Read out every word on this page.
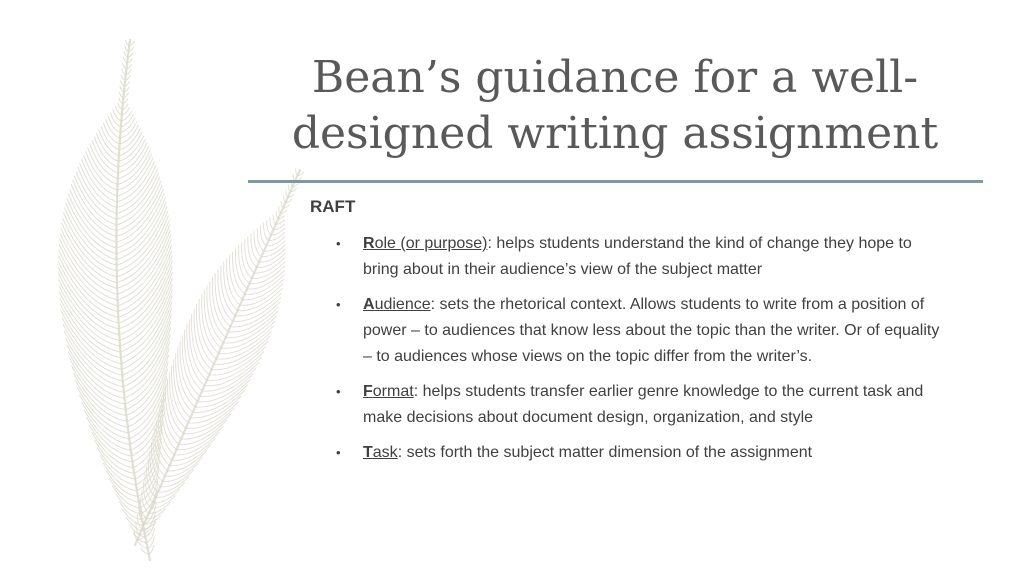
Bean’s guidance for a well-designed writing assignment
RAFT
• Role (or purpose): helps students understand the kind of change they hope to bring about in their audience’s view of the subject matter
• Audience: sets the rhetorical context. Allows students to write from a position of power – to audiences that know less about the topic than the writer. Or of equality – to audiences whose views on the topic differ from the writer’s.
• Format: helps students transfer earlier genre knowledge to the current task and make decisions about document design, organization, and style
• Task: sets forth the subject matter dimension of the assignment
